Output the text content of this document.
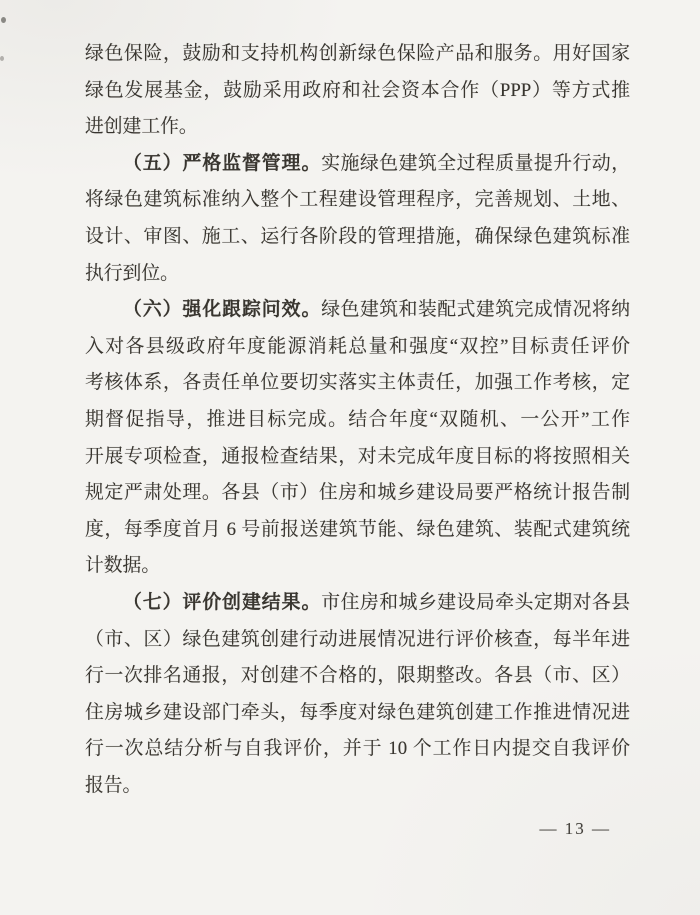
绿色保险，鼓励和支持机构创新绿色保险产品和服务。用好国家
绿色发展基金，鼓励采用政府和社会资本合作（PPP）等方式推
进创建工作。
（五）严格监督管理。实施绿色建筑全过程质量提升行动，
将绿色建筑标准纳入整个工程建设管理程序，完善规划、土地、
设计、审图、施工、运行各阶段的管理措施，确保绿色建筑标准
执行到位。
（六）强化跟踪问效。绿色建筑和装配式建筑完成情况将纳
入对各县级政府年度能源消耗总量和强度“双控”目标责任评价
考核体系，各责任单位要切实落实主体责任，加强工作考核，定
期督促指导，推进目标完成。结合年度“双随机、一公开”工作
开展专项检查，通报检查结果，对未完成年度目标的将按照相关
规定严肃处理。各县（市）住房和城乡建设局要严格统计报告制
度，每季度首月 6 号前报送建筑节能、绿色建筑、装配式建筑统
计数据。
（七）评价创建结果。市住房和城乡建设局牵头定期对各县
（市、区）绿色建筑创建行动进展情况进行评价核查，每半年进
行一次排名通报，对创建不合格的，限期整改。各县（市、区）
住房城乡建设部门牵头，每季度对绿色建筑创建工作推进情况进
行一次总结分析与自我评价，并于 10 个工作日内提交自我评价
报告。
— 13 —
